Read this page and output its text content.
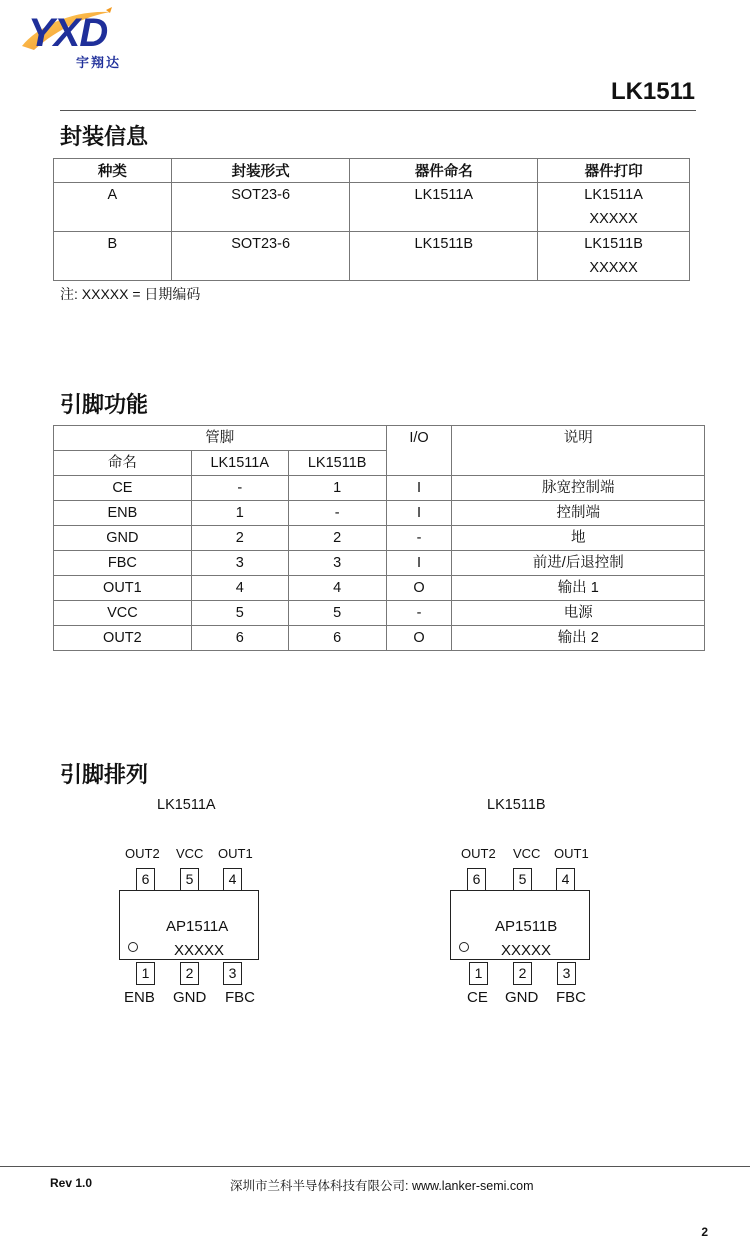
YXD
宇翔达
LK1511
封装信息
种类	封装形式	器件命名	器件打印

A	SOT23-6	LK1511A	LK1511A
XXXXX

B	SOT23-6	LK1511B	LK1511B
XXXXX
注: XXXXX = 日期编码
引脚功能
管脚			I/O	说明
命名	LK1511A	LK1511B		
CE	-	1	I	脉宽控制端
ENB	1	-	I	控制端
GND	2	2	-	地
FBC	3	3	I	前进/后退控制
OUT1	4	4	O	输出 1
VCC	5	5	-	电源
OUT2	6	6	O	输出 2
引脚排列
LK1511A
OUT2 VCC OUT1
6	5	4
AP1511A
XXXXX
1	2	3
ENB GND FBC
LK1511B
OUT2 VCC OUT1
6	5	4
AP1511B
XXXXX
1	2	3
CE GND FBC
Rev 1.0	深圳市兰科半导体科技有限公司: www.lanker-semi.com
2
